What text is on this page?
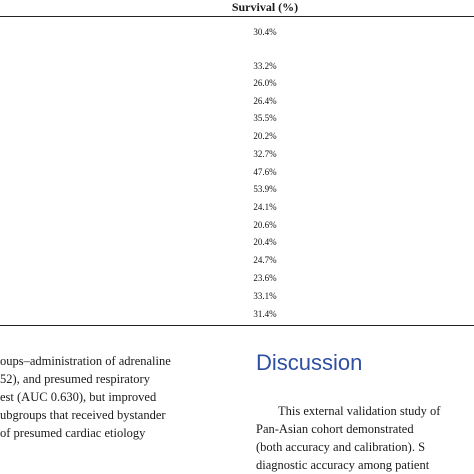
Survival (%)
30.4%
33.2%
26.0%
26.4%
35.5%
20.2%
32.7%
47.6%
53.9%
24.1%
20.6%
20.4%
24.7%
23.6%
33.1%
31.4%

oups–administration of adrenaline

52), and presumed respiratory

est (AUC 0.630), but improved

ubgroups that received bystander

of presumed cardiac etiology

Discussion

This external validation study of

Pan-Asian cohort demonstrated

(both accuracy and calibration). S

diagnostic accuracy among patient
